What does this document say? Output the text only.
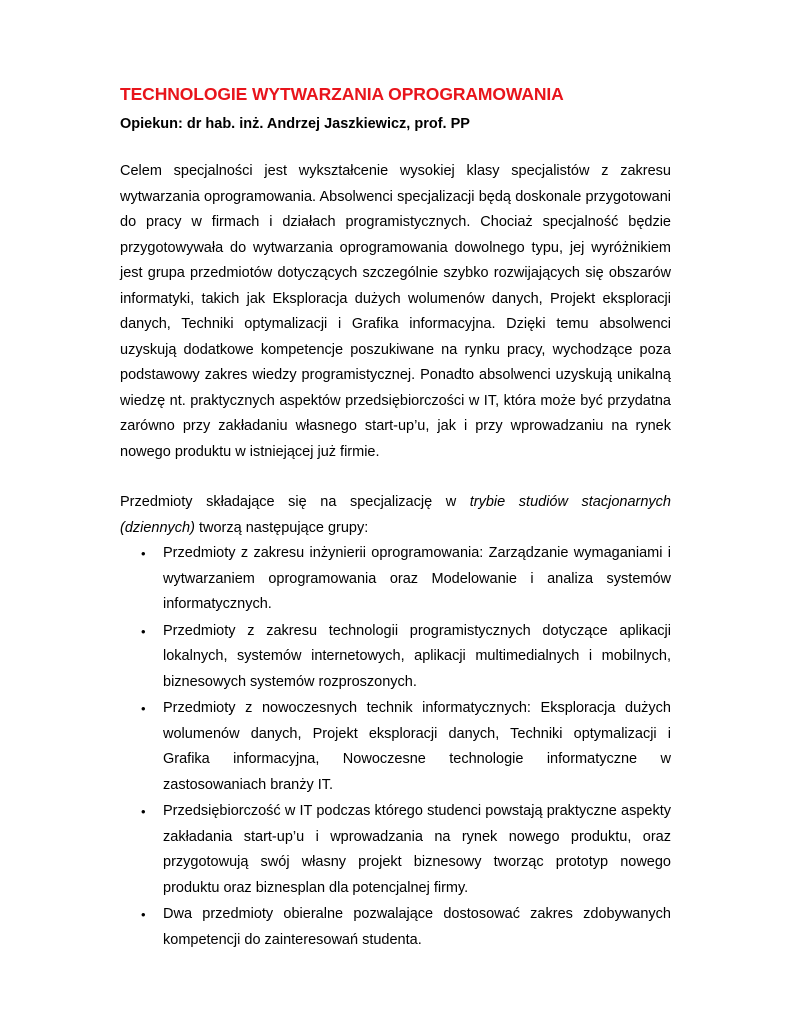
TECHNOLOGIE WYTWARZANIA OPROGRAMOWANIA

Opiekun: dr hab. inż. Andrzej Jaszkiewicz, prof. PP

Celem specjalności jest wykształcenie wysokiej klasy specjalistów z zakresu wytwarzania oprogramowania. Absolwenci specjalizacji będą doskonale przygotowani do pracy w firmach i działach programistycznych. Chociaż specjalność będzie przygotowywała do wytwarzania oprogramowania dowolnego typu, jej wyróżnikiem jest grupa przedmiotów dotyczących szczególnie szybko rozwijających się obszarów informatyki, takich jak Eksploracja dużych wolumenów danych, Projekt eksploracji danych, Techniki optymalizacji i Grafika informacyjna. Dzięki temu absolwenci uzyskują dodatkowe kompetencje poszukiwane na rynku pracy, wychodzące poza podstawowy zakres wiedzy programistycznej. Ponadto absolwenci uzyskują unikalną wiedzę nt. praktycznych aspektów przedsiębiorczości w IT, która może być przydatna zarówno przy zakładaniu własnego start-up’u, jak i przy wprowadzaniu na rynek nowego produktu w istniejącej już firmie.

Przedmioty składające się na specjalizację w trybie studiów stacjonarnych (dziennych) tworzą następujące grupy:

• Przedmioty z zakresu inżynierii oprogramowania: Zarządzanie wymaganiami i wytwarzaniem oprogramowania oraz Modelowanie i analiza systemów informatycznych.
• Przedmioty z zakresu technologii programistycznych dotyczące aplikacji lokalnych, systemów internetowych, aplikacji multimedialnych i mobilnych, biznesowych systemów rozproszonych.
• Przedmioty z nowoczesnych technik informatycznych: Eksploracja dużych wolumenów danych, Projekt eksploracji danych, Techniki optymalizacji i Grafika informacyjna, Nowoczesne technologie informatyczne w zastosowaniach branży IT.
• Przedsiębiorczość w IT podczas którego studenci powstają praktyczne aspekty zakładania start-up’u i wprowadzania na rynek nowego produktu, oraz przygotowują swój własny projekt biznesowy tworząc prototyp nowego produktu oraz biznesplan dla potencjalnej firmy.
• Dwa przedmioty obieralne pozwalające dostosować zakres zdobywanych kompetencji do zainteresowań studenta.
